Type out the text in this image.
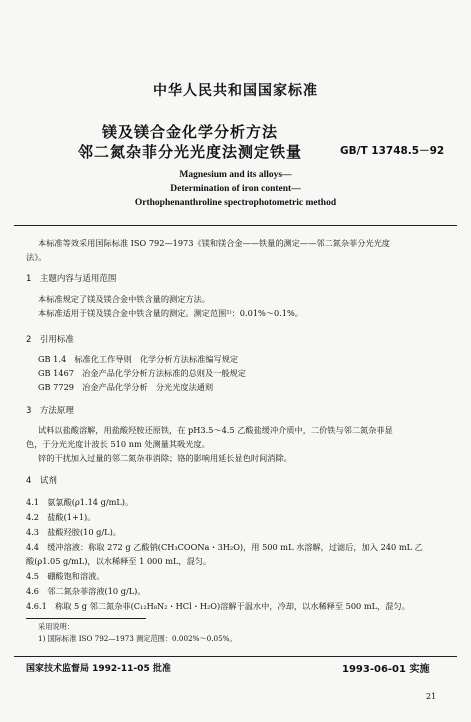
中华人民共和国国家标准
镁及镁合金化学分析方法
邻二氮杂菲分光光度法测定铁量	GB/T 13748.5－92
Magnesium and its alloys—
Determination of iron content—
Orthophenanthroline spectrophotometric method
本标准等效采用国际标准 ISO 792—1973《镁和镁合金——铁量的测定——邻二氮杂菲分光光度
法》。
1　主题内容与适用范围
本标准规定了镁及镁合金中铁含量的测定方法。
本标准适用于镁及镁合金中铁含量的测定。测定范围¹⁾：0.01%～0.1%。
2　引用标准
GB 1.4　标准化工作导则　化学分析方法标准编写规定
GB 1467　冶金产品化学分析方法标准的总则及一般规定
GB 7729　冶金产品化学分析　分光光度法通则
3　方法原理
试料以盐酸溶解，用盐酸羟胺还原铁，在 pH3.5～4.5 乙酸盐缓冲介质中，二价铁与邻二氮杂菲显
色，于分光光度计波长 510 nm 处测量其吸光度。
锌的干扰加入过量的邻二氮杂菲消除；铬的影响用延长显色时间消除。
4　试剂
4.1　氨氯酸(ρ1.14 g/mL)。
4.2　盐酸(1+1)。
4.3　盐酸羟胺(10 g/L)。
4.4　缓冲溶液：称取 272 g 乙酸钠(CH₃COONa・3H₂O)，用 500 mL 水溶解，过滤后，加入 240 mL 乙
酸(ρ1.05 g/mL)，以水稀释至 1 000 mL，混匀。
4.5　硼酸饱和溶液。
4.6　邻二氮杂菲溶液(10 g/L)。
4.6.1　称取 5 g 邻二氮杂菲(C₁₂H₈N₂・HCl・H₂O)溶解于温水中，冷却，以水稀释至 500 mL，混匀。
采用说明：
1) 国际标准 ISO 792—1973 测定范围：0.002%～0.05%。
国家技术监督局 1992-11-05 批准	1993-06-01 实施
21
